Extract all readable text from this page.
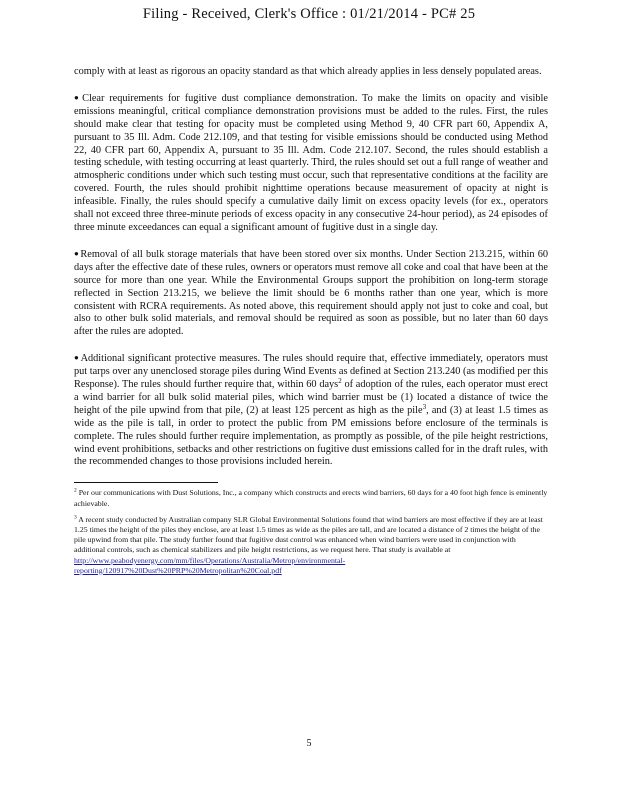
Filing - Received, Clerk's Office : 01/21/2014 - PC# 25

comply with at least as rigorous an opacity standard as that which already applies in less densely populated areas.

●Clear requirements for fugitive dust compliance demonstration. To make the limits on opacity and visible emissions meaningful, critical compliance demonstration provisions must be added to the rules. First, the rules should make clear that testing for opacity must be completed using Method 9, 40 CFR part 60, Appendix A, pursuant to 35 Ill. Adm. Code 212.109, and that testing for visible emissions should be conducted using Method 22, 40 CFR part 60, Appendix A, pursuant to 35 Ill. Adm. Code 212.107. Second, the rules should establish a testing schedule, with testing occurring at least quarterly. Third, the rules should set out a full range of weather and atmospheric conditions under which such testing must occur, such that representative conditions at the facility are covered. Fourth, the rules should prohibit nighttime operations because measurement of opacity at night is infeasible. Finally, the rules should specify a cumulative daily limit on excess opacity levels (for ex., operators shall not exceed three three-minute periods of excess opacity in any consecutive 24-hour period), as 24 episodes of three minute exceedances can equal a significant amount of fugitive dust in a single day.

●Removal of all bulk storage materials that have been stored over six months. Under Section 213.215, within 60 days after the effective date of these rules, owners or operators must remove all coke and coal that have been at the source for more than one year. While the Environmental Groups support the prohibition on long-term storage reflected in Section 213.215, we believe the limit should be 6 months rather than one year, which is more consistent with RCRA requirements. As noted above, this requirement should apply not just to coke and coal, but also to other bulk solid materials, and removal should be required as soon as possible, but no later than 60 days after the rules are adopted.

●Additional significant protective measures. The rules should require that, effective immediately, operators must put tarps over any unenclosed storage piles during Wind Events as defined at Section 213.240 (as modified per this Response). The rules should further require that, within 60 days$^2$ of adoption of the rules, each operator must erect a wind barrier for all bulk solid material piles, which wind barrier must be (1) located a distance of twice the height of the pile upwind from that pile, (2) at least 125 percent as high as the pile$^3$, and (3) at least 1.5 times as wide as the pile is tall, in order to protect the public from PM emissions before enclosure of the terminals is complete. The rules should further require implementation, as promptly as possible, of the pile height restrictions, wind event prohibitions, setbacks and other restrictions on fugitive dust emissions called for in the draft rules, with the recommended changes to those provisions included herein.

$^2$ Per our communications with Dust Solutions, Inc., a company which constructs and erects wind barriers, 60 days for a 40 foot high fence is eminently achievable.

$^3$ A recent study conducted by Australian company SLR Global Environmental Solutions found that wind barriers are most effective if they are at least 1.25 times the height of the piles they enclose, are at least 1.5 times as wide as the piles are tall, and are located a distance of 2 times the height of the pile upwind from that pile. The study further found that fugitive dust control was enhanced when wind barriers were used in conjunction with additional controls, such as chemical stabilizers and pile height restrictions, as we request here. That study is available at http://www.peabodyenergy.com/mm/files/Operations/Australia/Metrop/environmental-reporting/120917%20Dust%20PRP%20Metropolitan%20Coal.pdf

5
